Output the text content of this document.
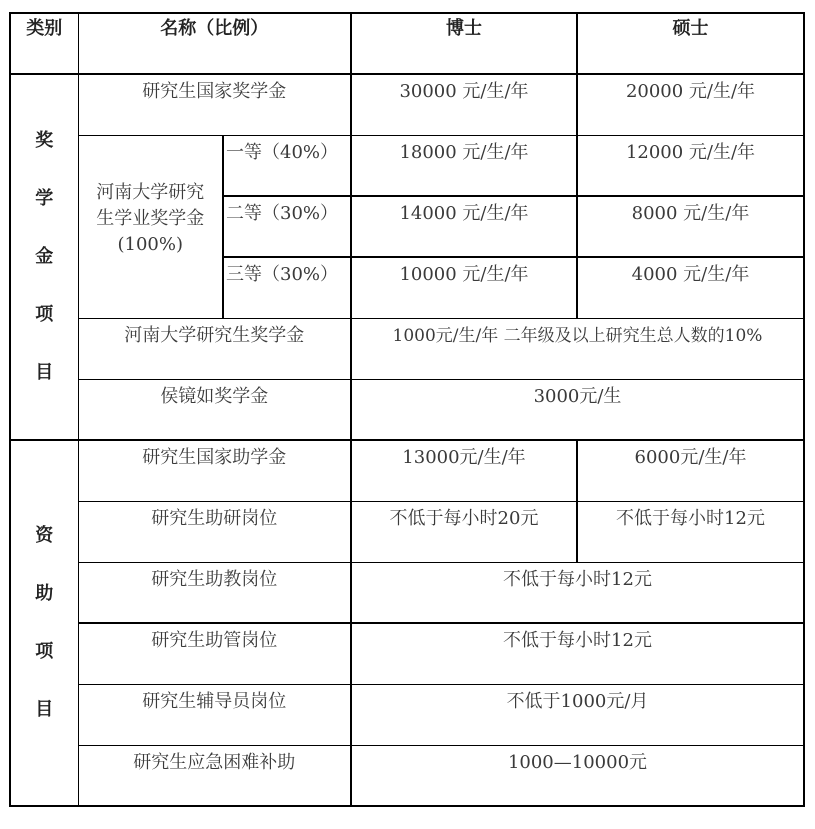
类别	名称（比例）		博士	硕士

奖
学
金
项
目	研究生国家奖学金		30000 元/生/年	20000 元/生/年

	河南大学研究
生学业奖学金
(100%)	一等（40%）	18000 元/生/年	12000 元/生/年

		二等（30%）	14000 元/生/年	8000 元/生/年

		三等（30%）	10000 元/生/年	4000 元/生/年

	河南大学研究生奖学金		1000元/生/年 二年级及以上研究生总人数的10%	

	侯镜如奖学金		3000元/生	

资
助
项
目	研究生国家助学金		13000元/生/年	6000元/生/年

	研究生助研岗位		不低于每小时20元	不低于每小时12元

	研究生助教岗位		不低于每小时12元	

	研究生助管岗位		不低于每小时12元	

	研究生辅导员岗位		不低于1000元/月	

	研究生应急困难补助		1000—10000元	
